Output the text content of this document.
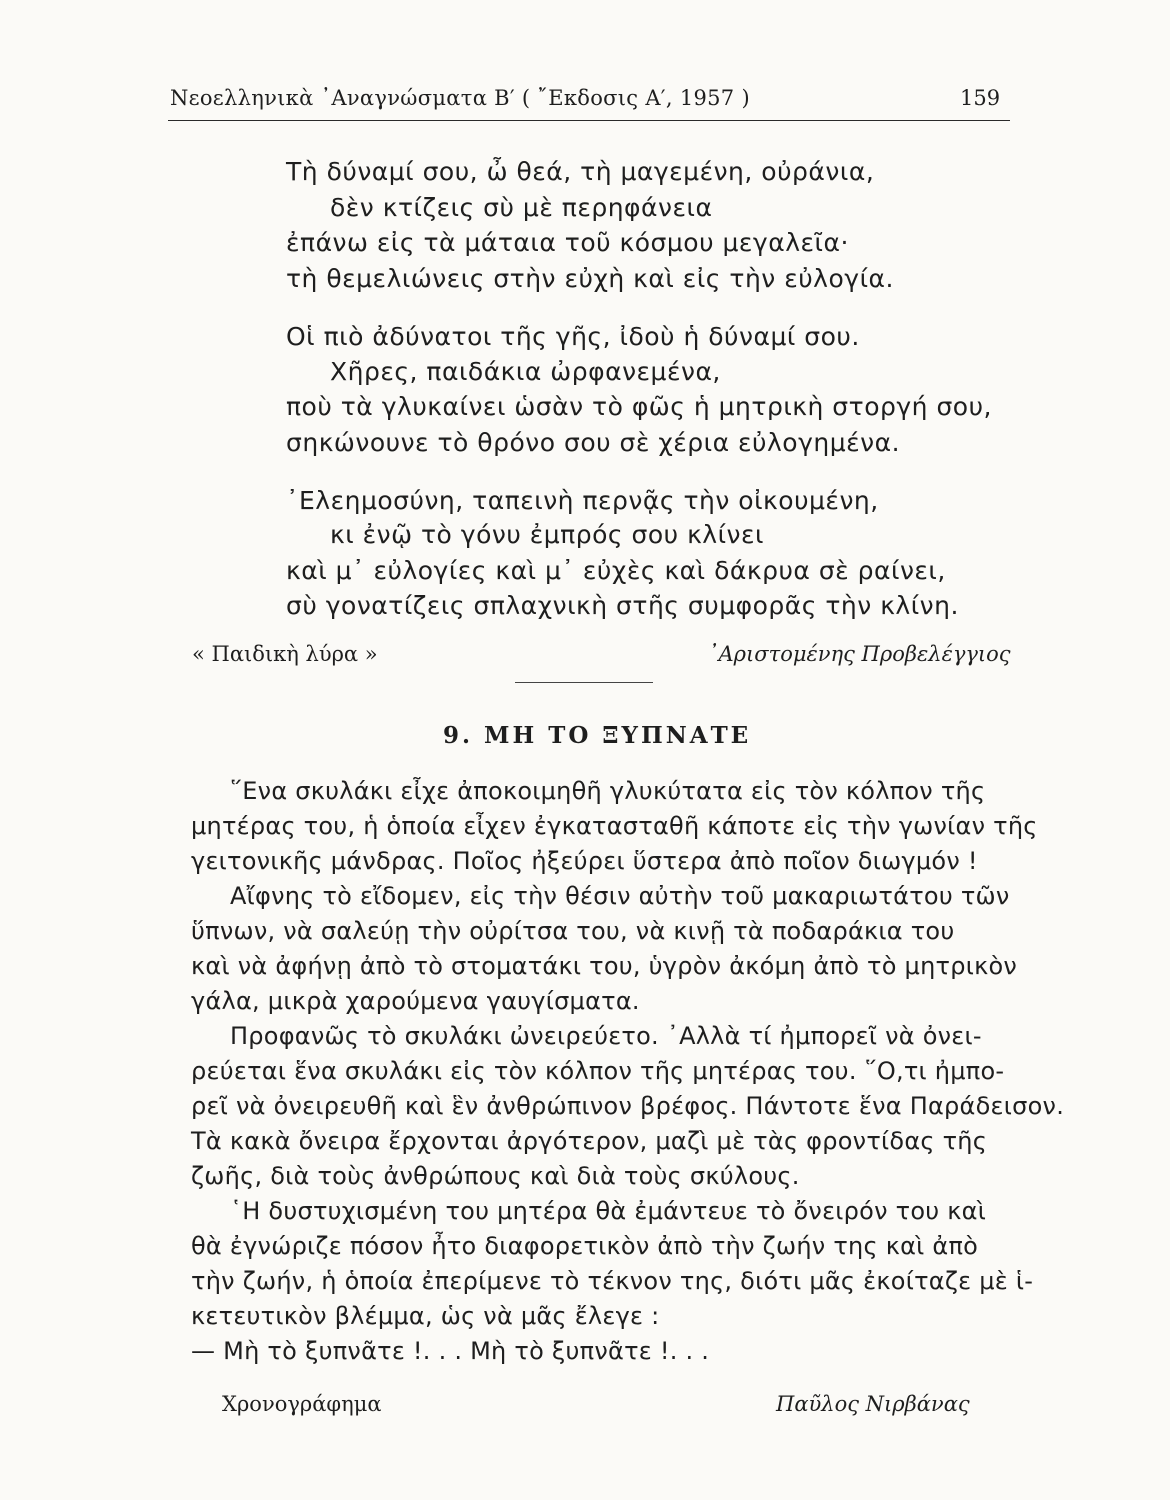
Νεοελληνικὰ ᾽Αναγνώσματα Β′ ( ῎Εκδοσις Α′, 1957 )	159
Τὴ δύναμί σου, ὦ θεά, τὴ μαγεμένη, οὐράνια,
δὲν κτίζεις σὺ μὲ περηφάνεια
ἐπάνω εἰς τὰ μάταια τοῦ κόσμου μεγαλεῖα·
τὴ θεμελιώνεις στὴν εὐχὴ καὶ εἰς τὴν εὐλογία.
Οἱ πιὸ ἀδύνατοι τῆς γῆς, ἰδοὺ ἡ δύναμί σου.
Χῆρες, παιδάκια ὠρφανεμένα,
ποὺ τὰ γλυκαίνει ὡσὰν τὸ φῶς ἡ μητρικὴ στοργή σου,
σηκώνουνε τὸ θρόνο σου σὲ χέρια εὐλογημένα.
᾽Ελεημοσύνη, ταπεινὴ περνᾷς τὴν οἰκουμένη,
κι ἐνῷ τὸ γόνυ ἐμπρός σου κλίνει
καὶ μ᾽ εὐλογίες καὶ μ᾽ εὐχὲς καὶ δάκρυα σὲ ραίνει,
σὺ γονατίζεις σπλαχνικὴ στῆς συμφορᾶς τὴν κλίνη.
« Παιδικὴ λύρα »	᾽Αριστομένης Προβελέγγιος
9. ΜΗ ΤΟ ΞΥΠΝΑΤΕ
῞Ενα σκυλάκι εἶχε ἀποκοιμηθῆ γλυκύτατα εἰς τὸν κόλπον τῆς
μητέρας του, ἡ ὁποία εἶχεν ἐγκατασταθῆ κάποτε εἰς τὴν γωνίαν τῆς
γειτονικῆς μάνδρας. Ποῖος ἠξεύρει ὕστερα ἀπὸ ποῖον διωγμόν !
Αἴφνης τὸ εἴδομεν, εἰς τὴν θέσιν αὐτὴν τοῦ μακαριωτάτου τῶν
ὕπνων, νὰ σαλεύῃ τὴν οὐρίτσα του, νὰ κινῇ τὰ ποδαράκια του
καὶ νὰ ἀφήνῃ ἀπὸ τὸ στοματάκι του, ὑγρὸν ἀκόμη ἀπὸ τὸ μητρικὸν
γάλα, μικρὰ χαρούμενα γαυγίσματα.
Προφανῶς τὸ σκυλάκι ὠνειρεύετο. ᾽Αλλὰ τί ἠμπορεῖ νὰ ὀνει-
ρεύεται ἕνα σκυλάκι εἰς τὸν κόλπον τῆς μητέρας του. ῞Ο,τι ἠμπο-
ρεῖ νὰ ὀνειρευθῆ καὶ ἓν ἀνθρώπινον βρέφος. Πάντοτε ἕνα Παράδεισον.
Τὰ κακὰ ὄνειρα ἔρχονται ἀργότερον, μαζὶ μὲ τὰς φροντίδας τῆς
ζωῆς, διὰ τοὺς ἀνθρώπους καὶ διὰ τοὺς σκύλους.
῾Η δυστυχισμένη του μητέρα θὰ ἐμάντευε τὸ ὄνειρόν του καὶ
θὰ ἐγνώριζε πόσον ἦτο διαφορετικὸν ἀπὸ τὴν ζωήν της καὶ ἀπὸ
τὴν ζωήν, ἡ ὁποία ἐπερίμενε τὸ τέκνον της, διότι μᾶς ἐκοίταζε μὲ ἱ-
κετευτικὸν βλέμμα, ὡς νὰ μᾶς ἔλεγε :
— Μὴ τὸ ξυπνᾶτε !. . . Μὴ τὸ ξυπνᾶτε !. . .
Χρονογράφημα	Παῦλος Νιρβάνας
